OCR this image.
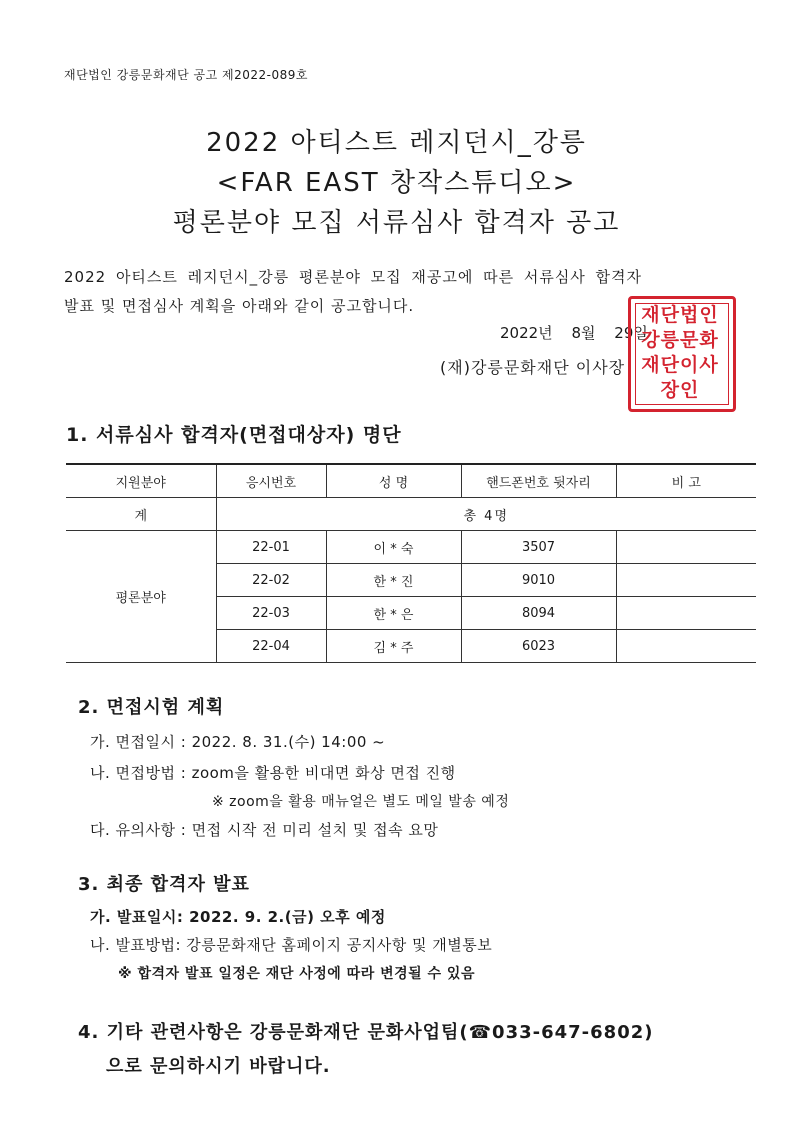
재단법인 강릉문화재단 공고 제2022-089호
2022 아티스트 레지던시_강릉
<FAR EAST 창작스튜디오>
평론분야 모집 서류심사 합격자 공고
2022 아티스트 레지던시_강릉 평론분야 모집 재공고에 따른 서류심사 합격자
발표 및 면접심사 계획을 아래와 같이 공고합니다.
2022년 8월 29일
재단법인강릉문화재단이사장인
(재)강릉문화재단 이사장
1. 서류심사 합격자(면접대상자) 명단
지원분야	응시번호	성 명	핸드폰번호 뒷자리	비 고
계	총 4명			
평론분야	22-01	이 * 숙	3507	
	22-02	한 * 진	9010	
	22-03	한 * 은	8094	
	22-04	김 * 주	6023	
2. 면접시험 계획
가. 면접일시 : 2022. 8. 31.(수) 14:00 ~
나. 면접방법 : zoom을 활용한 비대면 화상 면접 진행
※ zoom을 활용 매뉴얼은 별도 메일 발송 예정
다. 유의사항 : 면접 시작 전 미리 설치 및 접속 요망
3. 최종 합격자 발표
가. 발표일시: 2022. 9. 2.(금) 오후 예정
나. 발표방법: 강릉문화재단 홈페이지 공지사항 및 개별통보
※ 합격자 발표 일정은 재단 사정에 따라 변경될 수 있음
4. 기타 관련사항은 강릉문화재단 문화사업팀(☎033-647-6802)
으로 문의하시기 바랍니다.
